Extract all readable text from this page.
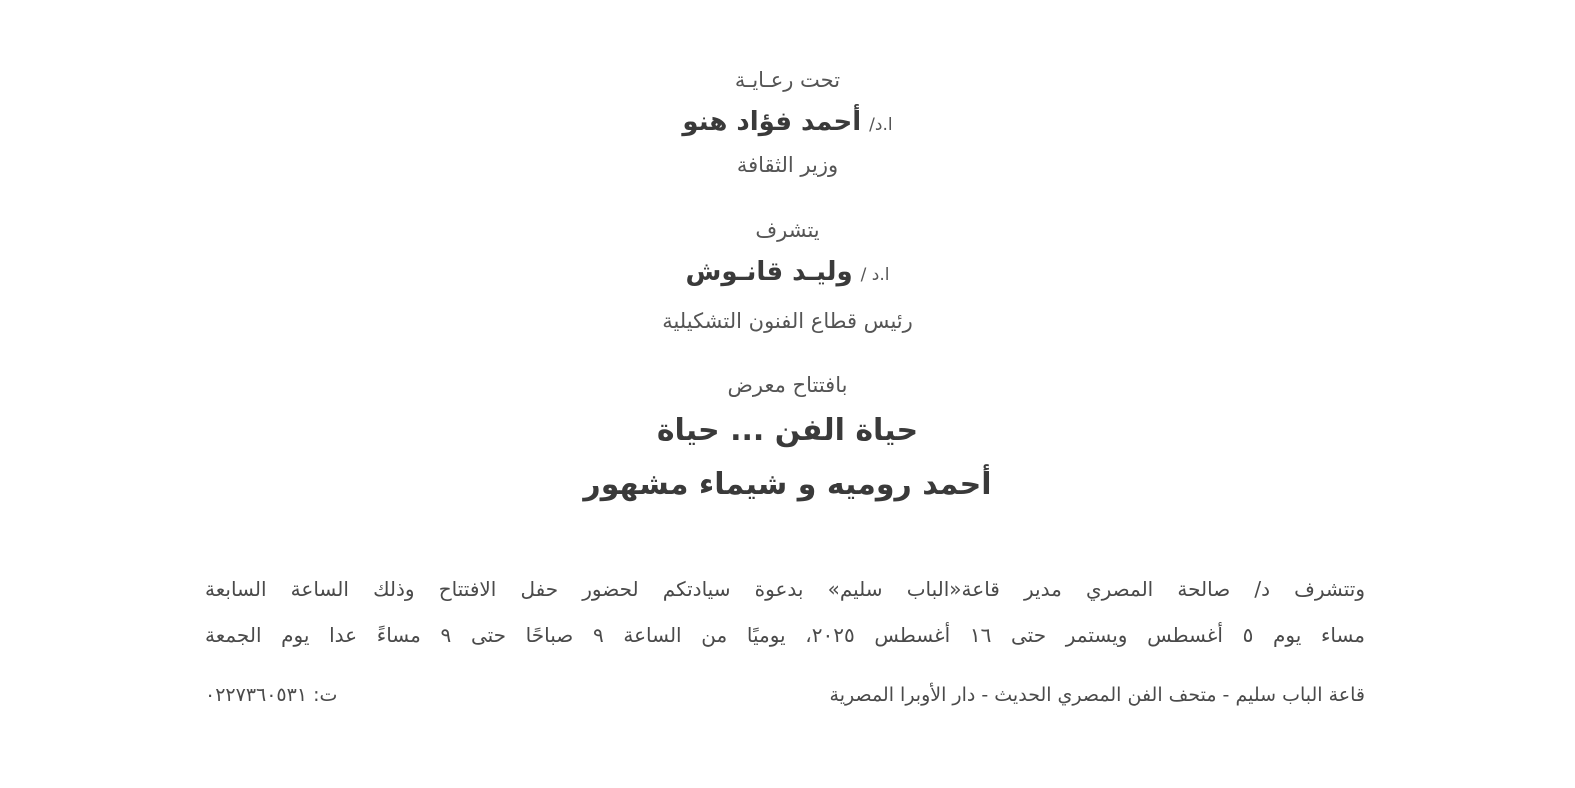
تحت رعـايـة
ا.د/أحمد فؤاد هنو
وزير الثقافة
يتشرف
ا.د /وليـد قانـوش
رئيس قطاع الفنون التشكيلية
بافتتاح معرض
حياة الفن ... حياة
أحمد روميه و شيماء مشهور
وتتشرف د/ صالحة المصري مدير قاعة«الباب سليم» بدعوة سيادتكم لحضور حفل الافتتاح وذلك الساعة السابعة
مساء يوم ٥ أغسطس ويستمر حتى ١٦ أغسطس ٢٠٢٥، يوميًا من الساعة ٩ صباحًا حتى ٩ مساءً عدا يوم الجمعة
قاعة الباب سليم - متحف الفن المصري الحديث - دار الأوبرا المصرية
ت: ٠٢٢٧٣٦٠٥٣١
